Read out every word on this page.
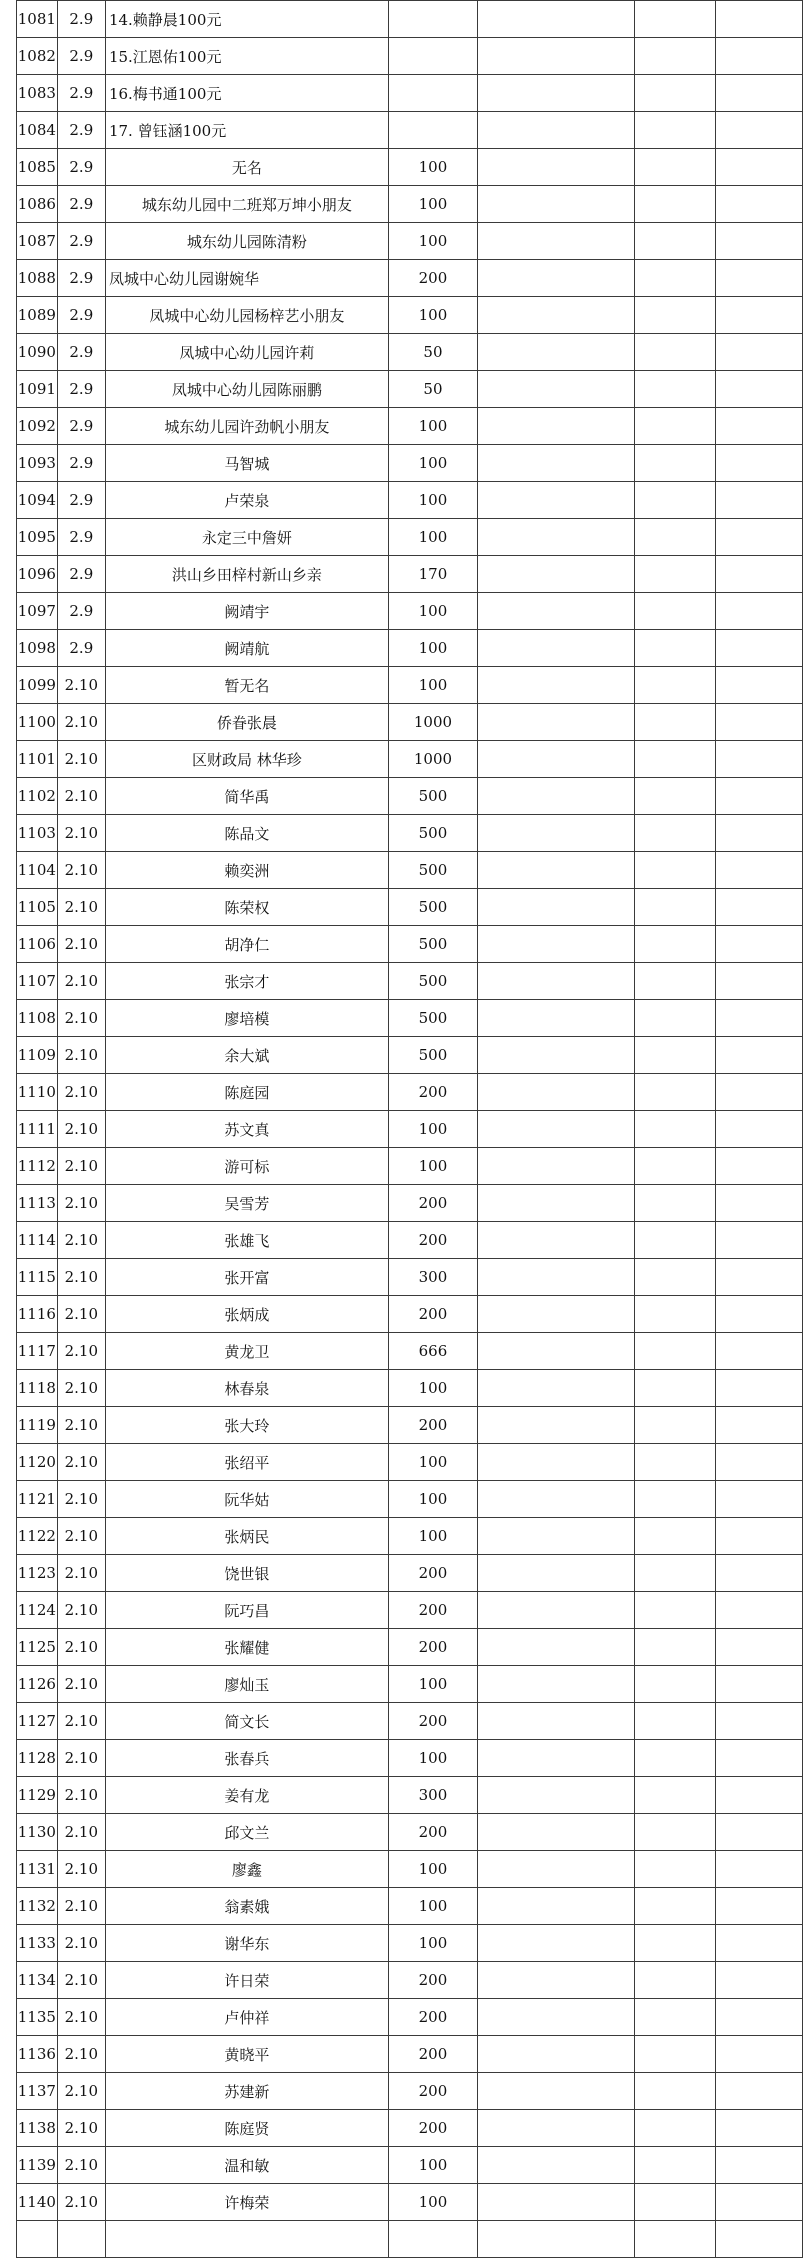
1081	2.9	14.赖静晨100元				
1082	2.9	15.江恩佑100元				
1083	2.9	16.梅书通100元				
1084	2.9	17. 曾钰涵100元				
1085	2.9	无名	100			
1086	2.9	城东幼儿园中二班郑万坤小朋友	100			
1087	2.9	城东幼儿园陈清粉	100			
1088	2.9	凤城中心幼儿园谢婉华	200			
1089	2.9	凤城中心幼儿园杨梓艺小朋友	100			
1090	2.9	凤城中心幼儿园许莉	50			
1091	2.9	凤城中心幼儿园陈丽鹏	50			
1092	2.9	城东幼儿园许劲帆小朋友	100			
1093	2.9	马智城	100			
1094	2.9	卢荣泉	100			
1095	2.9	永定三中詹妍	100			
1096	2.9	洪山乡田梓村新山乡亲	170			
1097	2.9	阙靖宇	100			
1098	2.9	阙靖航	100			
1099	2.10	暂无名	100			
1100	2.10	侨眷张晨	1000			
1101	2.10	区财政局 林华珍	1000			
1102	2.10	简华禹	500			
1103	2.10	陈品文	500			
1104	2.10	赖奕洲	500			
1105	2.10	陈荣权	500			
1106	2.10	胡净仁	500			
1107	2.10	张宗才	500			
1108	2.10	廖培模	500			
1109	2.10	余大斌	500			
1110	2.10	陈庭园	200			
1111	2.10	苏文真	100			
1112	2.10	游可标	100			
1113	2.10	吴雪芳	200			
1114	2.10	张雄飞	200			
1115	2.10	张开富	300			
1116	2.10	张炳成	200			
1117	2.10	黄龙卫	666			
1118	2.10	林春泉	100			
1119	2.10	张大玲	200			
1120	2.10	张绍平	100			
1121	2.10	阮华姑	100			
1122	2.10	张炳民	100			
1123	2.10	饶世银	200			
1124	2.10	阮巧昌	200			
1125	2.10	张耀健	200			
1126	2.10	廖灿玉	100			
1127	2.10	简文长	200			
1128	2.10	张春兵	100			
1129	2.10	姜有龙	300			
1130	2.10	邱文兰	200			
1131	2.10	廖鑫	100			
1132	2.10	翁素娥	100			
1133	2.10	谢华东	100			
1134	2.10	许日荣	200			
1135	2.10	卢仲祥	200			
1136	2.10	黄晓平	200			
1137	2.10	苏建新	200			
1138	2.10	陈庭贤	200			
1139	2.10	温和敏	100			
1140	2.10	许梅荣	100			
